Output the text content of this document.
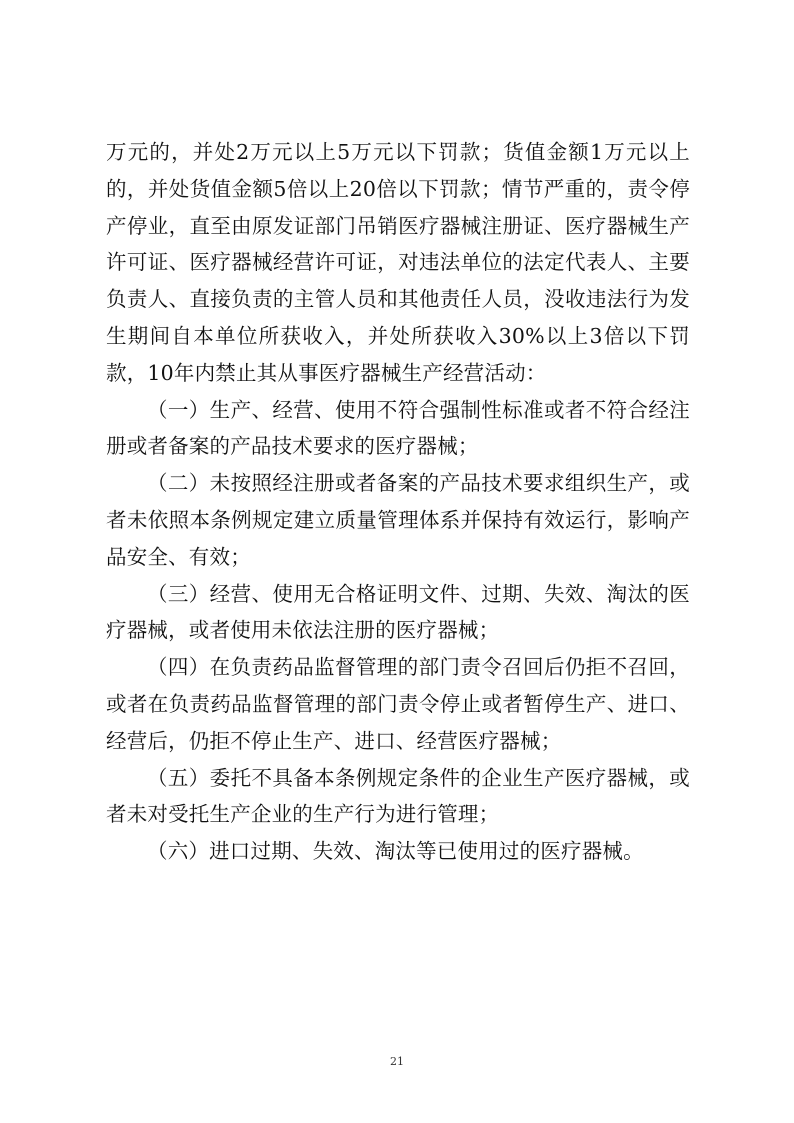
万元的，并处2万元以上5万元以下罚款；货值金额1万元以上的，并处货值金额5倍以上20倍以下罚款；情节严重的，责令停产停业，直至由原发证部门吊销医疗器械注册证、医疗器械生产许可证、医疗器械经营许可证，对违法单位的法定代表人、主要负责人、直接负责的主管人员和其他责任人员，没收违法行为发生期间自本单位所获收入，并处所获收入30%以上3倍以下罚款，10年内禁止其从事医疗器械生产经营活动：

（一）生产、经营、使用不符合强制性标准或者不符合经注册或者备案的产品技术要求的医疗器械；

（二）未按照经注册或者备案的产品技术要求组织生产，或者未依照本条例规定建立质量管理体系并保持有效运行，影响产品安全、有效；

（三）经营、使用无合格证明文件、过期、失效、淘汰的医疗器械，或者使用未依法注册的医疗器械；

（四）在负责药品监督管理的部门责令召回后仍拒不召回，或者在负责药品监督管理的部门责令停止或者暂停生产、进口、经营后，仍拒不停止生产、进口、经营医疗器械；

（五）委托不具备本条例规定条件的企业生产医疗器械，或者未对受托生产企业的生产行为进行管理；

（六）进口过期、失效、淘汰等已使用过的医疗器械。

21
